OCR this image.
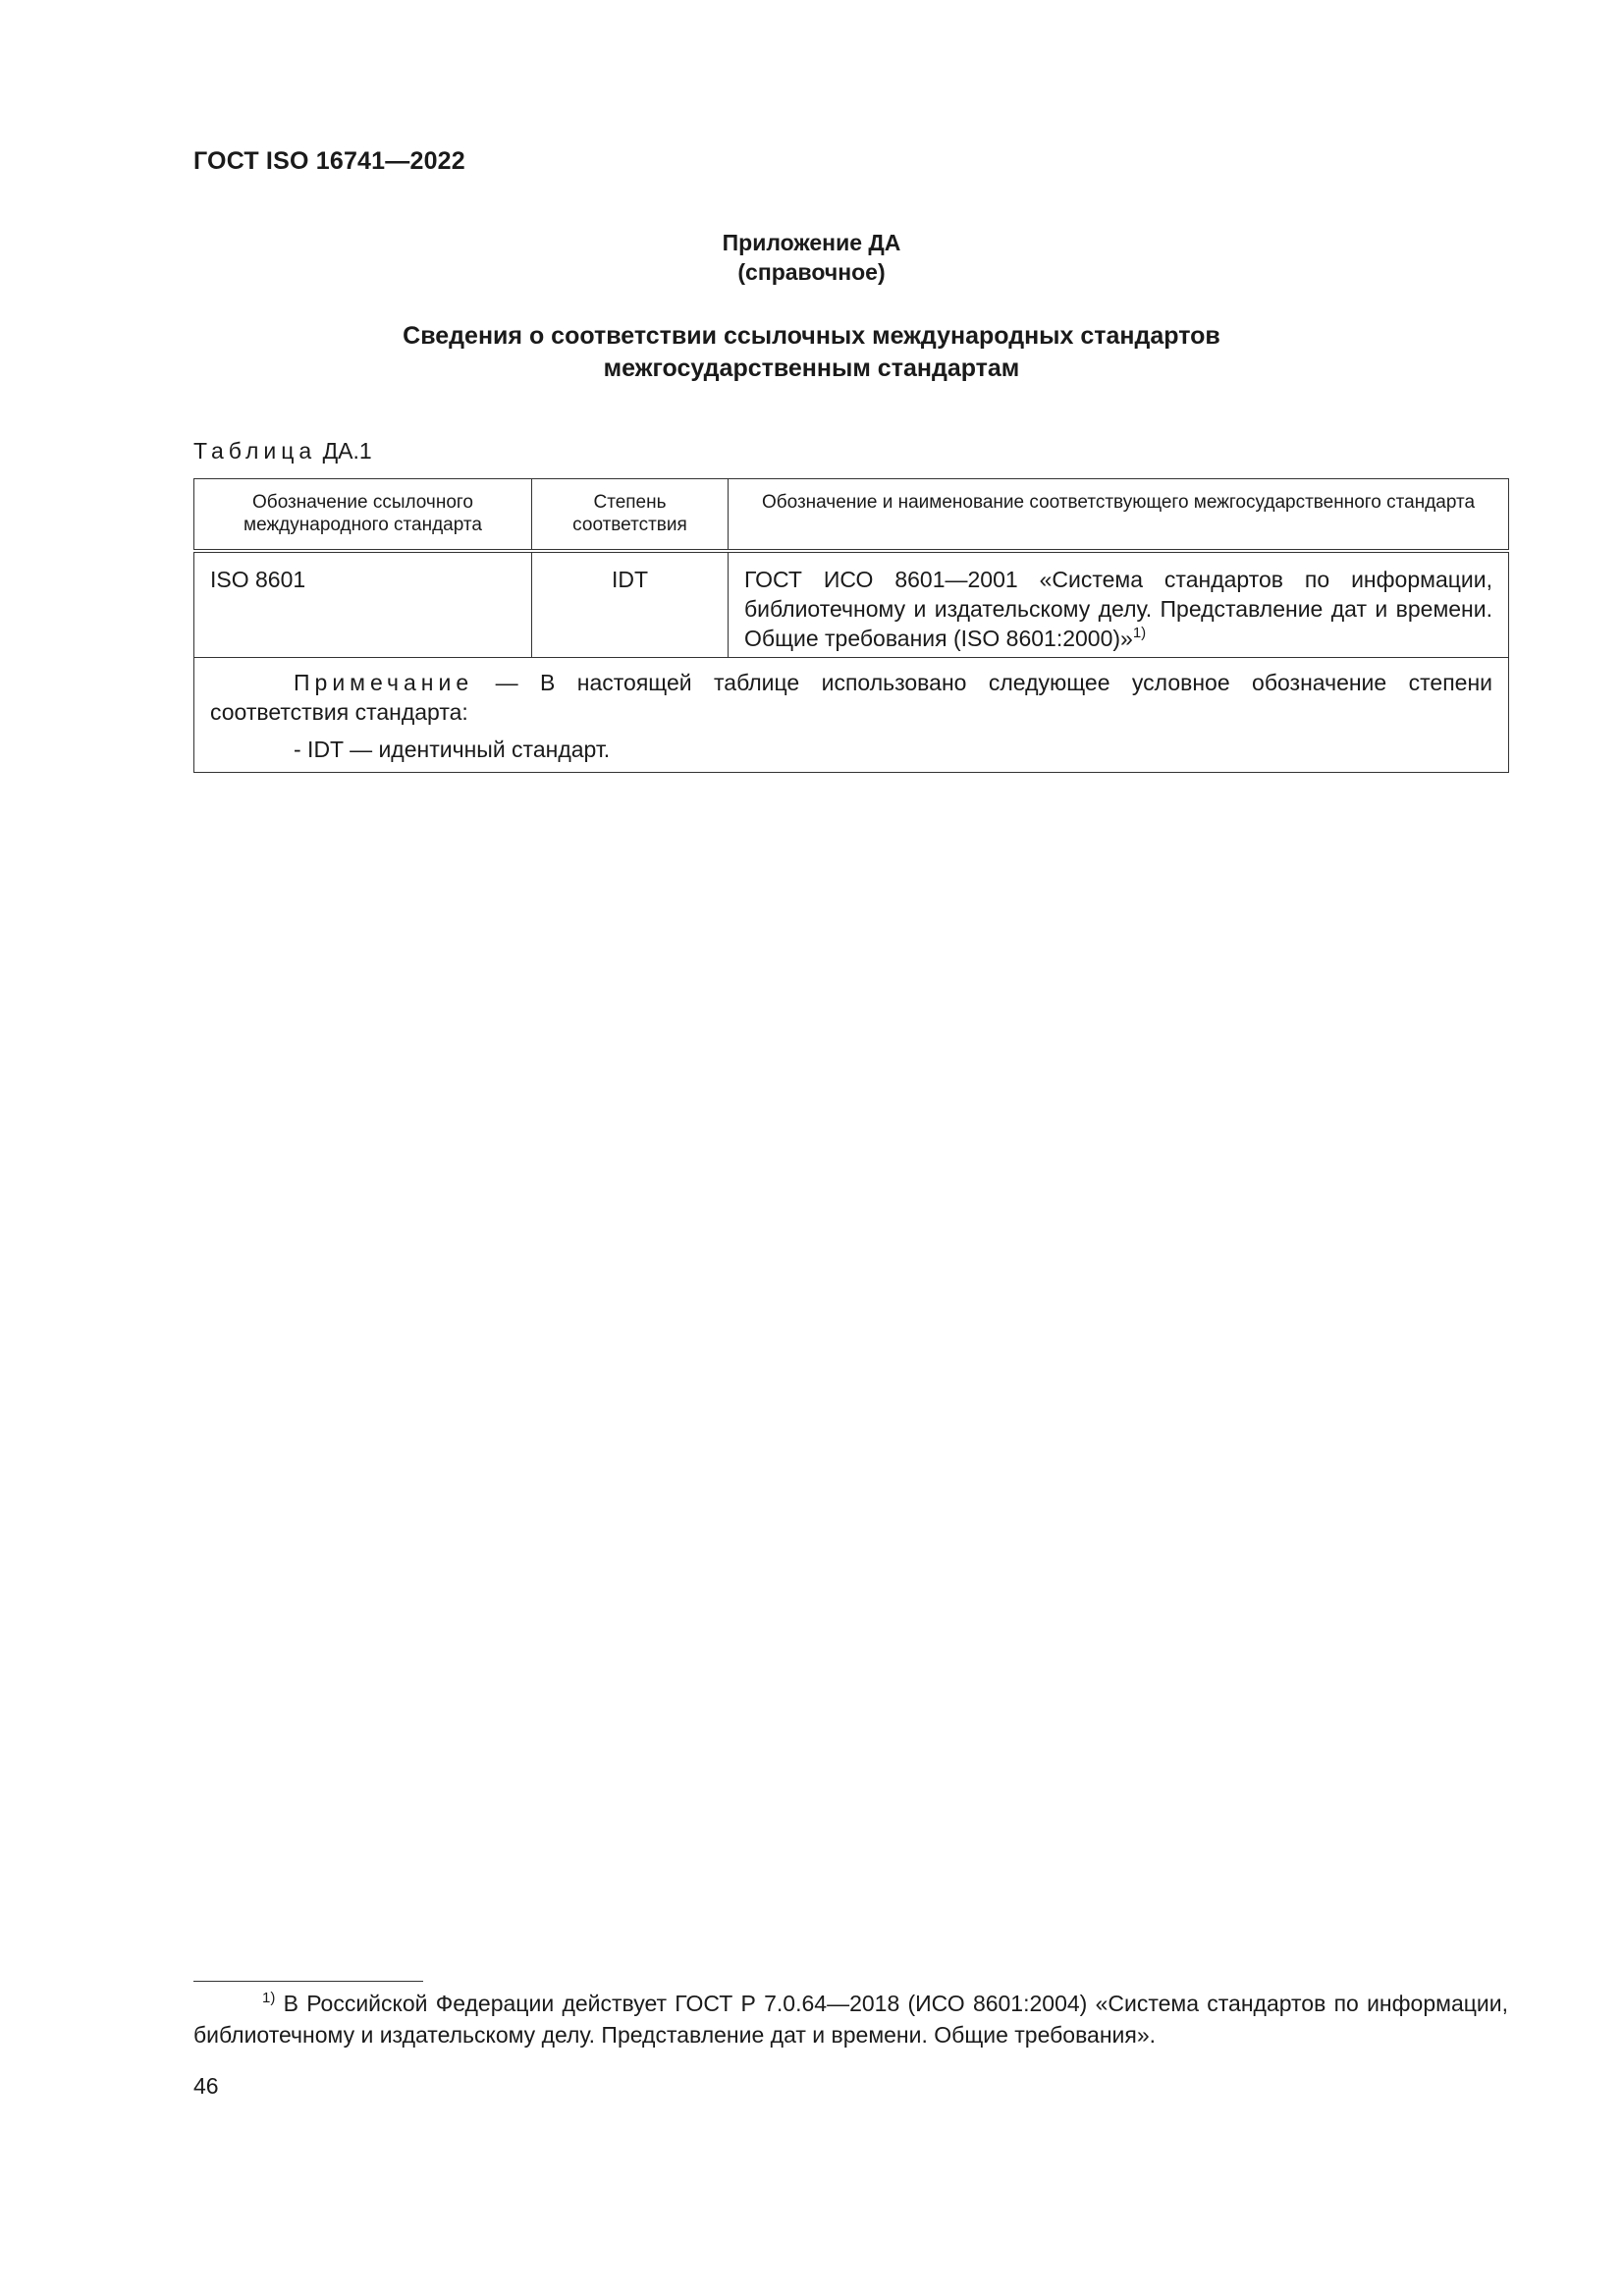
ГОСТ ISO 16741—2022
Приложение ДА
(справочное)
Сведения о соответствии ссылочных международных стандартов
межгосударственным стандартам
Таблица ДА.1
Обозначение ссылочного международного стандарта	Степень соответствия	Обозначение и наименование соответствующего межгосударственного стандарта
ISO 8601	IDT	ГОСТ ИСО 8601—2001 «Система стандартов по информации, библиотечному и издательскому делу. Представление дат и времени. Общие требования (ISO 8601:2000)»$^{1)}$

Примечание — В настоящей таблице использовано следующее условное обозначение степени соответствия стандарта:
- IDT — идентичный стандарт.		
$^{1)}$ В Российской Федерации действует ГОСТ Р 7.0.64—2018 (ИСО 8601:2004) «Система стандартов по информации, библиотечному и издательскому делу. Представление дат и времени. Общие требования».
46
